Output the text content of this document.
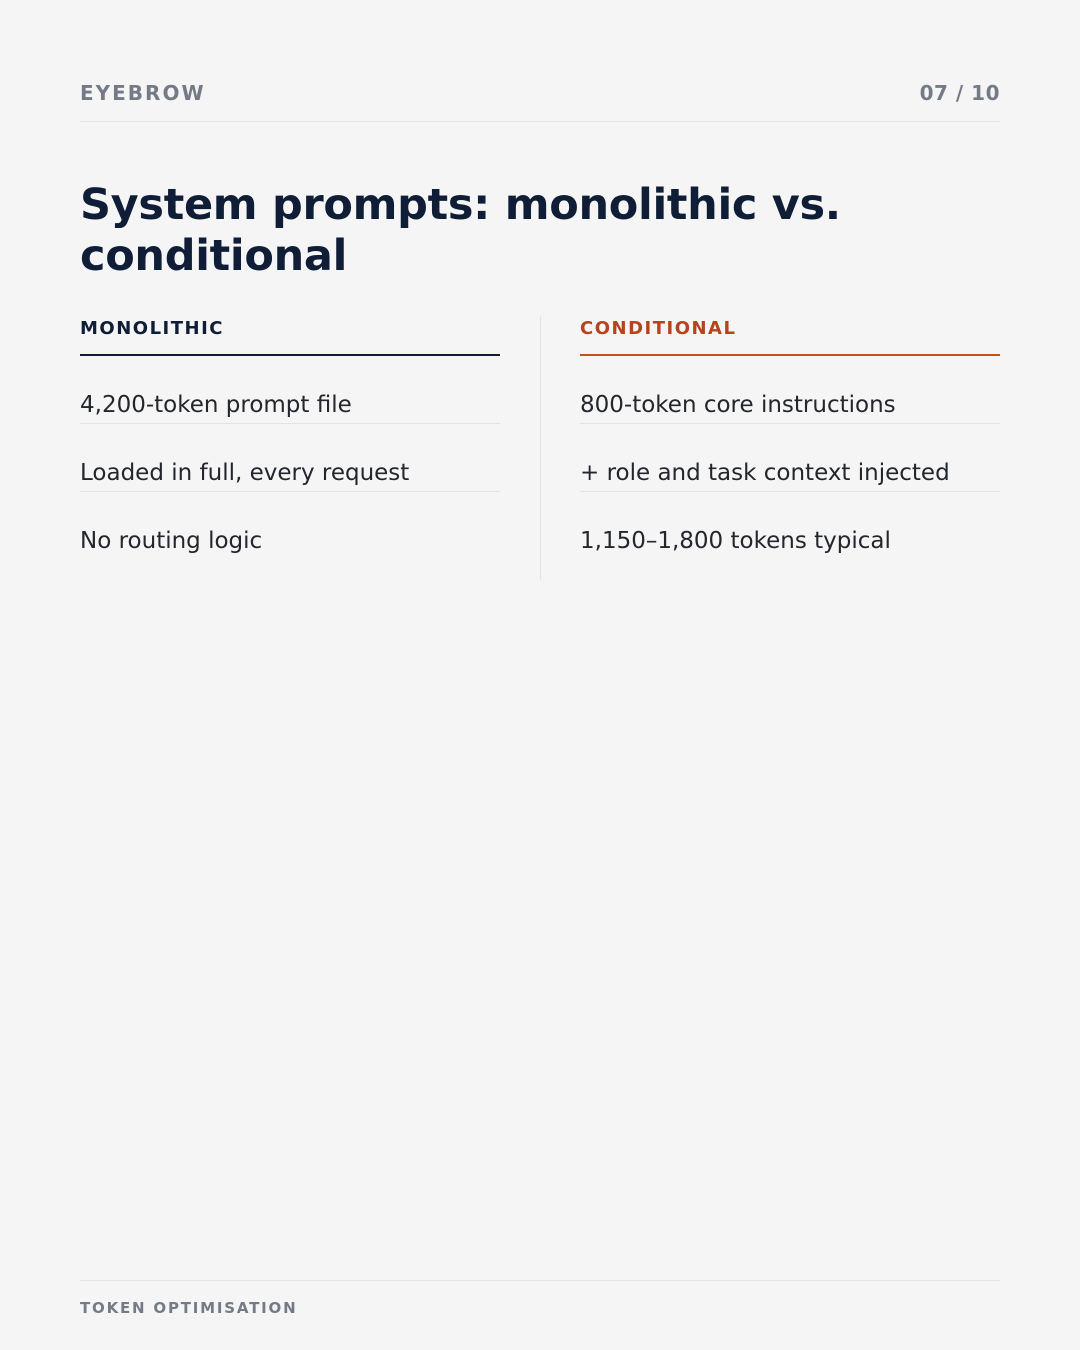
EYEBROW	07 / 10
System prompts: monolithic vs. conditional
MONOLITHIC
4,200-token prompt file
Loaded in full, every request
No routing logic
CONDITIONAL
800-token core instructions
+ role and task context injected
1,150–1,800 tokens typical
TOKEN OPTIMISATION
